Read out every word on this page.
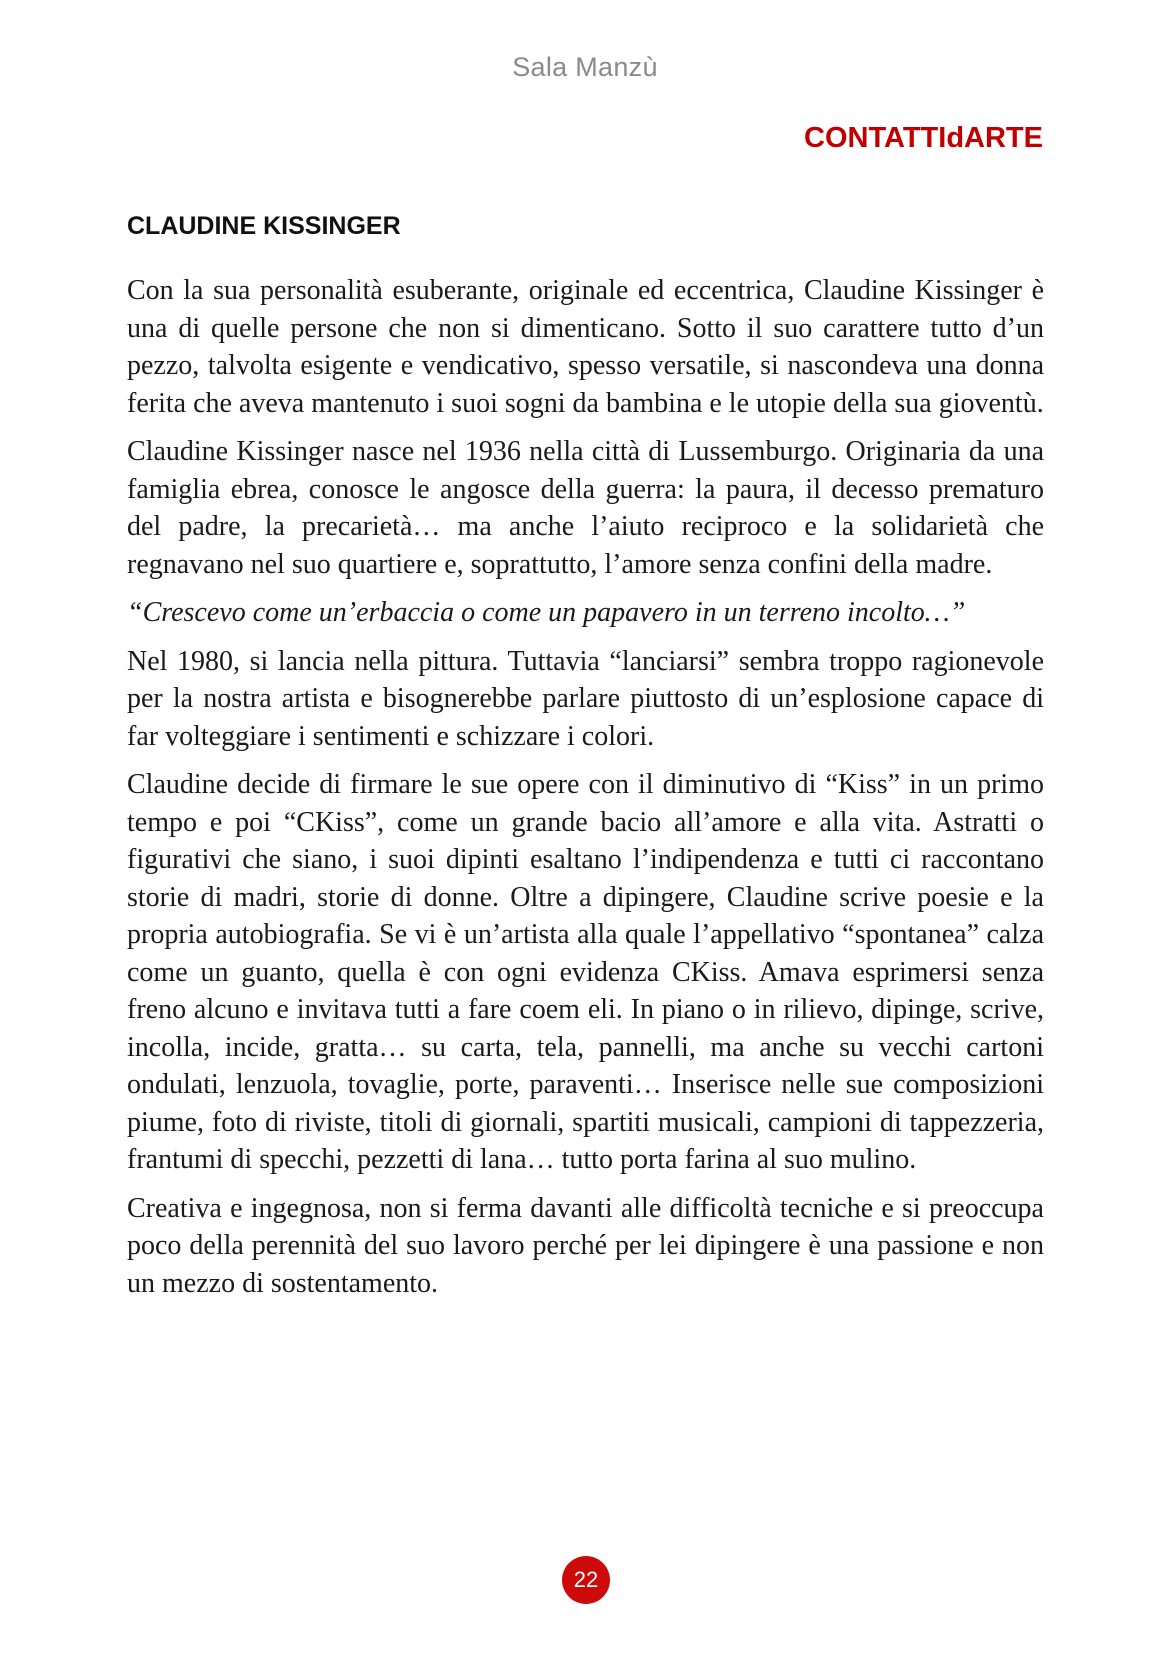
Sala Manzù
CONTATTIdARTE
CLAUDINE KISSINGER

Con la sua personalità esuberante, originale ed eccentrica, Claudine Kissinger è una di quelle persone che non si dimenticano. Sotto il suo carattere tutto d’un pezzo, talvolta esigente e vendicativo, spesso versatile, si nascondeva una donna ferita che aveva mantenuto i suoi sogni da bambina e le utopie della sua gioventù.

Claudine Kissinger nasce nel 1936 nella città di Lussemburgo. Originaria da una famiglia ebrea, conosce le angosce della guerra: la paura, il decesso prematuro del padre, la precarietà… ma anche l’aiuto reciproco e la solidarietà che regnavano nel suo quartiere e, soprattutto, l’amore senza confini della madre.

“Crescevo come un’erbaccia o come un papavero in un terreno incolto…”

Nel 1980, si lancia nella pittura. Tuttavia “lanciarsi” sembra troppo ragionevole per la nostra artista e bisognerebbe parlare piuttosto di un’esplosione capace di far volteggiare i sentimenti e schizzare i colori.

Claudine decide di firmare le sue opere con il diminutivo di “Kiss” in un primo tempo e poi “CKiss”, come un grande bacio all’amore e alla vita. Astratti o figurativi che siano, i suoi dipinti esaltano l’indipendenza e tutti ci raccontano storie di madri, storie di donne. Oltre a dipingere, Claudine scrive poesie e la propria autobiografia. Se vi è un’artista alla quale l’appellativo “spontanea” calza come un guanto, quella è con ogni evidenza CKiss. Amava esprimersi senza freno alcuno e invitava tutti a fare coem eli. In piano o in rilievo, dipinge, scrive, incolla, incide, gratta… su carta, tela, pannelli, ma anche su vecchi cartoni ondulati, lenzuola, tovaglie, porte, paraventi… Inserisce nelle sue composizioni piume, foto di riviste, titoli di giornali, spartiti musicali, campioni di tappezzeria, frantumi di specchi, pezzetti di lana… tutto porta farina al suo mulino.

Creativa e ingegnosa, non si ferma davanti alle difficoltà tecniche e si preoccupa poco della perennità del suo lavoro perché per lei dipingere è una passione e non un mezzo di sostentamento.

22
